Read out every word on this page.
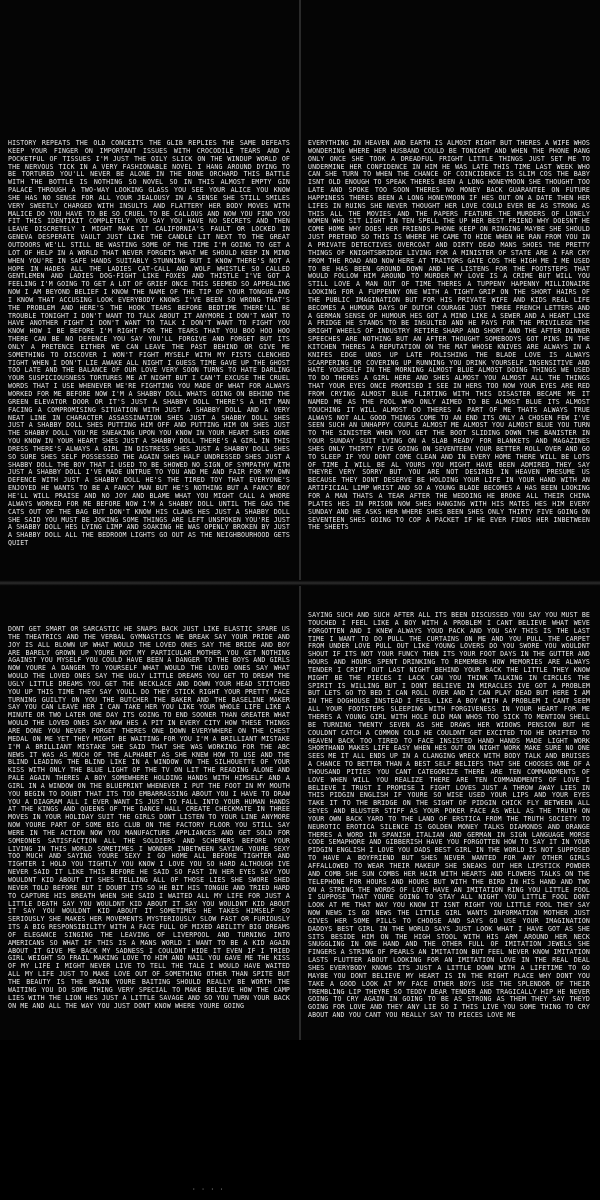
HISTORY REPEATS THE OLD CONCEITS THE GLIB REPLIES THE SAME DEFEATS KEEP YOUR FINGER ON IMPORTANT ISSUES WITH CROCODILE TEARS AND A POCKETFUL OF TISSUES I'M JUST THE OILY SLICK ON THE WINDUP WORLD OF THE NERVOUS TICK IN A VERY FASHIONABLE NOVEL I HANG AROUND DYING TO BE TORTURED YOU'LL NEVER BE ALONE IN THE BONE ORCHARD THIS BATTLE WITH THE BOTTLE IS NOTHING SO NOVEL SO IN THIS ALMOST EMPTY GIN PALACE THROUGH A TWO-WAY LOOKING GLASS YOU SEE YOUR ALICE YOU KNOW SHE HAS NO SENSE FOR ALL YOUR JEALOUSY IN A SENSE SHE STILL SMILES VERY SWEETLY CHARGED WITH INSULTS AND FLATTERY HER BODY MOVES WITH MALICE DO YOU HAVE TO BE SO CRUEL TO BE CALLOUS AND NOW YOU FIND YOU FIT THIS IDENTIKIT COMPLETELY YOU SAY YOU HAVE NO SECRETS AND THEN LEAVE DISCRETELY I MIGHT MAKE IT CALIFORNIA'S FAULT OR LOCKED IN GENEVA DESPERATE VAULT JUST LIKE THE CANDLE LIT NEXT TO THE GREAT OUTDOORS WE'LL STILL BE WASTING SOME OF THE TIME I'M GOING TO GET A LOT OF HELP IN A WORLD THAT NEVER FORGETS WHAT WE SHOULD KEEP IN MIND WHEN YOU'RE IN SAFE HANDS SUITABLY STUNNING BUT I KNOW THERE'S NOT A HOPE IN HADES ALL THE LADIES CAT-CALL AND WOLF WHISTLE SO CALLED GENTLEMEN AND LADIES DOG-FIGHT LIKE FOXES AND THISTLE I'VE GOT A FEELING I'M GOING TO GET A LOT OF GRIEF ONCE THIS SEEMED SO APPEALING NOW I AM BEYOND BELIEF I KNOW THE NAME OF THE TIP OF YOUR TONGUE AND I KNOW THAT ACCUSING LOOK EVERYBODY KNOWS I'VE BEEN SO WRONG THAT'S THE PROBLEM AND HERE'S THE HOOK TEARS BEFORE BEDTIME THERE'LL BE TROUBLE TONIGHT I DON'T WANT TO TALK ABOUT IT ANYMORE I DON'T WANT TO HAVE ANOTHER FIGHT I DON'T WANT TO TALK I DON'T WANT TO FIGHT YOU KNOW HOW I BE BEFORE I'M RIGHT FOR THE TEARS THAT YOU BOO HOO HOO THERE CAN BE NO DEFENCE YOU SAY YOU'LL FORGIVE AND FORGET BUT ITS ONLY A PRETENCE EITHER WE CAN LEAVE THE PAST BEHIND OR GIVE ME SOMETHING TO DISCOVER I WON'T FIGHT MYSELF WITH MY FISTS CLENCHED TIGHT WHEN I DON'T LIE AWAKE ALL NIGHT I GUESS TIME GAVE UP THE GHOST TOO LATE AND THE BALANCE OF OUR LOVE VERY SOON TURNS TO HATE DARLING YOUR SUSPICIOUSNESS TORTURES ME AT NIGHT BUT I CAN'T EXCUSE THE CRUEL WORDS THAT I USE WHENEVER WE'RE FIGHTING YOU MADE OF WHAT FOR ALWAYS WORKED FOR ME BEFORE NOW I'M A SHABBY DOLL WHATS GOING ON BEHIND THE GREEN ELEVATOR DOOR OR IT'S JUST A SHABBY DOLL THERE'S A HIT MAN FACING A COMPROMISING SITUATION WITH JUST A SHABBY DOLL AND A VERY NEAT LINE IN CHARACTER ASSASSINATION SHES JUST A SHABBY DOLL SHES JUST A SHABBY DOLL SHES PUTTING HIM OFF AND PUTTING HIM ON SHES JUST THE SHABBY DOLL YOU'RE SNEAKING UPON YOU KNOW IN YOUR HEART SHES GONE YOU KNOW IN YOUR HEART SHES JUST A SHABBY DOLL THERE'S A GIRL IN THIS DRESS THERE'S ALWAYS A GIRL IN DISTRESS SHES JUST A SHABBY DOLL SHES SO SURE SHES SELF POSSESSED THE AGAIN SHES HALF UNDRESSED SHES JUST A SHABBY DOLL THE BOY THAT I USED TO BE SHOWED NO SIGN OF SYMPATHY WITH JUST A SHABBY DOLL I'VE MADE UNTRUE TO YOU AND ME AND FAIR FOR MY OWN DEFENCE WITH JUST A SHABBY DOLL HE'S THE TIRED TOY THAT EVERYONE'S ENJOYED HE WANTS TO BE A FANCY MAN BUT HE'S NOTHING BUT A FANCY BOY HE'LL WILL PRAISE AND NO JOY AND BLAME WHAT YOU MIGHT CALL A WHORE ALWAYS WORKED FOR ME BEFORE NOW I'M A SHABBY DOLL UNTIL THE GAG THE CATS OUT OF THE BAG BUT DON'T KNOW HIS CLAWS HES JUST A SHABBY DOLL SHE SAID YOU MUST BE JOKING SOME THINGS ARE LEFT UNSPOKEN YOU'RE JUST A SHABBY DOLL HES LYING LIMP AND SOAKING HE WAS OPENLY BROKEN BY JUST A SHABBY DOLL ALL THE BEDROOM LIGHTS GO OUT AS THE NEIGHBOURHOOD GETS QUIET
EVERYTHING IN HEAVEN AND EARTH IS ALMOST RIGHT BUT THERES A WIFE WHOS WONDERING WHERE HER HUSBAND COULD BE TONIGHT AND WHEN THE PHONE RANG ONLY ONCE SHE TOOK A DREADFUL FRIGHT LITTLE THINGS JUST SET ME TO UNDERMINE HER CONFIDENCE IN HIM HE WAS LATE THIS TIME LAST WEEK WHO CAN SHE TURN TO WHEN THE CHANCE OF COINCIDENCE IS SLIM COS THE BABY ISNT OLD ENOUGH TO SPEAK THERES BEEN A LONG HONEYMOON SHE THOUGHT TOO LATE AND SPOKE TOO SOON THERES NO MONEY BACK GUARANTEE ON FUTURE HAPPINESS THERES BEEN A LONG HONEYMOON IF HES OUT ON A DATE THEN HER LIFES IN RUINS SHE NEVER THOUGHT HER LOVE COULD EVER BE AS STRONG AS THIS ALL THE MOVIES AND THE PAPERS FEATURE THE MURDERS OF LONELY WOMEN WHO SIT LIGHT IN TEN SPELL THE UP HER BEST FRIEND WHY DOESNT HE COME HOME WHY DOES HER FRIENDS PHONE KEEP ON RINGING MAYBE SHE SHOULD JUST PRETEND SO THIS IS WHERE HE CAME TO HIDE WHEN HE RAN FROM YOU IN A PRIVATE DETECTIVES OVERCOAT AND DIRTY DEAD MANS SHOES THE PRETTY THINGS OF KNIGHTSBRIDGE LIVING FOR A MINISTER OF STATE ARE A FAR CRY FROM THE ROAD AND NOW HERE AT TRAITORS GATE COS THE HIGH ME I ME USED TO BE HAS BEEN GROUND DOWN AND HE LISTENS FOR THE FOOTSTEPS THAT WOULD FOLLOW HIM AROUND TO MURDER MY LOVE IS A CRIME BUT WILL YOU STILL LOVE A MAN OUT OF TIME THERES A TUPPENY HAPENNY MILLIONAIRE LOOKING FOR A FUPPENNY ONE WITH A TIGHT GRIP ON THE SHORT HAIRS OF THE PUBLIC IMAGINATION BUT FOR HIS PRIVATE WIFE AND KIDS REAL LIFE BECOMES A HUMOUR DAYS OF DUTCH COURAGE JUST THREE FRENCH LETTERS AND A GERMAN SENSE OF HUMOUR HES GOT A MIND LIKE A SEWER AND A HEART LIKE A FRIDGE HE STANDS TO BE INSULTED AND HE PAYS FOR THE PRIVILEGE THE BRIGHT WHEELS OF INDUSTRY RETIRE SHARP AND SHORT AND THE AFTER DINNER SPEECHES ARE NOTHING BUT AN AFTER THOUGHT SOMEBODYS GOT PINS IN THE KITCHEN THERES A REPUTATION ON THE MAT WHOSE KNIVES ARE ALWAYS IN A KNIFES EDGE UNDS UP LATE POLISHING THE BLADE LOVE IS ALWAYS SCARPERING OR COVERING UP RUNNING YOU DRINK YOURSELF INSENSITIVE AND HATE YOURSELF IN THE MORNING ALMOST BLUE ALMOST DOING THINGS WE USED TO DO THERES A GIRL HERE AND SHES ALMOST YOU ALMOST ALL THE THINGS THAT YOUR EYES ONCE PROMISED I SEE IN HERS TOO NOW YOUR EYES ARE RED FROM CRYING ALMOST BLUE FLIRTING WITH THIS DISASTER BECAME ME IT NAMED ME AS THE FOOL WHO ONLY AIMED TO BE ALMOST BLUE ITS ALMOST TOUCHING IT WILL ALMOST DO THERES A PART OF ME THATS ALWAYS TRUE ALWAYS NOT ALL GOOD THINGS COME TO AN END ITS ONLY A CHOSEN FEW I'VE SEEN SUCH AN UNHAPPY COUPLE ALMOST ME ALMOST YOU ALMOST BLUE YOU TURN TO THE SINISTER WHEN YOU GET THE BOOT SLIDING DOWN THE BANISTER IN YOUR SUNDAY SUIT LYING ON A SLAB READY FOR BLANKETS AND MAGAZINES SHES ONLY THIRTY FIVE GOING ON SEVENTEEN YOUR BETTER ROLL OVER AND GO TO SLEEP IF YOU DONT COME CLEAN AND IN EVERY HOME THERE WILL BE LOTS OF TIME I WILL BE AL YOURS YOU MIGHT HAVE BEEN ADMIRED THEY SAY THEYRE VERY SORRY BUT YOU ARE NOT DESIRED IN HEAVEN PRESUME US BECAUSE THEY DONT DESERVE BE HOLDING YOUR LIFE IN YOUR HAND WITH AN ARTIFICIAL LIMP WRIST AND SO A YOUNG BLADE BECOMES A HAS BEEN LOOKING FOR A MAN THATS A TEAR AFTER THE WEDDING HE BROKE ALL THEIR CHINA PLATES HES IN PRISON NOW SHES HANGING WITH HIS MATES HES HIM EVERY SUNDAY AND HE ASKS HER WHERE SHES BEEN SHES ONLY THIRTY FIVE GOING ON SEVENTEEN SHES GOING TO COP A PACKET IF HE EVER FINDS HER INBETWEEN THE SHEETS
DONT GET SMART OR SARCASTIC HE SNAPS BACK JUST LIKE ELASTIC SPARE US THE THEATRICS AND THE VERBAL GYMNASTICS WE BREAK SAY YOUR PRIDE AND JOY IS ALL BLOWN UP WHAT WOULD THE LOVED ONES SAY THE BRIDE AND BOY ARE BARELY GROWN UP YOURE NOT MY PARTICULAR MOTHER YOU GET NOTHING AGAINST YOU MYSELF YOU COULD HAVE BEEN A DANGER TO THE BOYS AND GIRLS NOW YOURE A DANGER TO YOURSELF WHAT WOULD THE LOVED ONES SAY WHAT WOULD THE LOVED ONES SAY THE UGLY LITTLE DREAMS YOU GET TO DREAM THE UGLY LITTLE DREAMS YOU GET THE NECKLACE AND DOWN YOUR HEAD STITCHED YOU UP THIS TIME THEY SAY YOULL DO THEY STICK RIGHT YOUR PRETTY FACE TURNING GUILTY ON YOU THE BUTCHER THE BAKER AND THE BASELINE MAKER SAY YOU CAN LEAVE HER I CAN TAKE HER YOU LIKE YOUR WHOLE LIFE LIKE A MINUTE OR TWO LATER ONE DAY ITS GOING TO END SOONER THAN GREATER WHAT WOULD THE LOVED ONES SAY NOW HES A PIT IN EVERY CITY HOW THESE THINGS ARE DONE YOU NEVER FORGET THERES ONE DOWN EVERYWHERE ON THE CHEST MEDAL ON ME YET THEY MIGHT BE WAITING FOR YOU I'M A BRILLIANT MISTAKE I'M A BRILLIANT MISTAKE SHE SAID THAT SHE WAS WORKING FOR THE ABC NEWS IT WAS AS MUCH OF THE ALPHABET AS SHE KNEW HOW TO USE AND THE BLIND LEADING THE BLIND LIKE IN A WINDOW ON THE SILHOUETTE OF YOUR KISS WITH ONLY THE BLUE LIGHT OF THE TV ON LIT THE READING ALONE AND PALE AGAIN THERES A BOY SOMEWHERE HOLDING HANDS WITH HIMSELF AND A GIRL IN A WINDOW ON THE BLUEPRINT WHENEVER I PUT THE FOOT IN MY MOUTH YOU BEGIN TO DOUBT THAT ITS TOO EMBARRASSING ABOUT YOU I HAVE TO DRAW YOU A DIAGRAM ALL I EVER WANT IS JUST TO FALL INTO YOUR HUMAN HANDS AT THE KINGS AND QUEENS OF THE DANCE HALL CREATE CHECKMATE IN THREE MOVES IN YOUR HOLIDAY SUIT THE GIRLS DONT LISTEN TO YOUR LINE ANYMORE NOW YOURE PART OF SOME BIG CLUB ON THE FACTORY FLOOR YOU STILL SAY WERE IN THE ACTION NOW YOU MANUFACTURE APPLIANCES AND GET SOLD FOR SOMEONES SATISFACTION ALL THE SOLDIERS AND SCHEMERS BEFORE YOUR LIVING IN THIS WORLD SOMETIMES I WONDER INBETWEEN SAYING YOURE SEXY TOO MUCH AND SAYING YOURE SEXY I GO HOME ALL BEFORE TIGHTER AND TIGHTER I HOLD YOU TIGHTLY YOU KNOW I LOVE YOU SO HARD ALTHOUGH IVE NEVER SAID IT LIKE THIS BEFORE HE SAID SO FAST IN HER EYES SAY YOU WOULDNT KID ABOUT IT SHES TELLING ALL OF THOSE LIES SHE SWORE SHED NEVER TOLD BEFORE BUT I DOUBT ITS SO HE BIT HIS TONGUE AND TRIED HARD TO CAPTURE HIS BREATH WHEN SHE SAID I WAITED ALL MY LIFE FOR JUST A LITTLE DEATH SAY YOU WOULDNT KID ABOUT IT SAY YOU WOULDNT KID ABOUT IT SAY YOU WOULDNT KID ABOUT IT SOMETIMES HE TAKES HIMSELF SO SERIOUSLY SHE MAKES HER MOVEMENTS MYSTERIOUSLY SLOW FAST OR FURIOUSLY ITS A BIG RESPONSIBILITY WITH A FACE FULL OF MIXED ABILITY BIG DREAMS OF ELEGANCE SINGING THE LEAVING OF LIVERPOOL AND TURNING INTO AMERICANS SO WHAT IF THIS IS A MANS WORLD I WANT TO BE A KID AGAIN ABOUT IT GIVE ME BACK MY SADNESS I COULDNT HIDE IT EVEN IF I TRIED GIRL WEIGHT SO FRAIL MAKING LOVE TO HIM AND NAIL YOU GAVE ME THE KISS OF MY LIFE I MIGHT NEVER LIVE TO TELL THE TALE I WOULD HAVE WAITED ALL MY LIFE JUST TO MAKE LOVE OUT OF SOMETHING OTHER THAN SPITE BUT THE BEAUTY IS THE BRAIN YOURE BAITING SHOULD REALLY BE WORTH THE WAITING YOU DO SOME THING VERY SPECIAL TO MAKE BELIEVE HOW THE CAMP LIES WITH THE LION HES JUST A LITTLE SAVAGE AND SO YOU TURN YOUR BACK ON ME AND ALL THE WAY YOU JUST DONT KNOW WHERE YOURE GOING
SAYING SUCH AND SUCH AFTER ALL ITS BEEN DISCUSSED YOU SAY YOU MUST BE TOUCHED I FEEL LIKE A BOY WITH A PROBLEM I CANT BELIEVE WHAT WEVE FORGOTTEN AND I KNEW ALWAYS YOUD PACK AND YOU SAY THIS IS THE LAST TIME I WANT TO DO PULL THE CURTAINS ON ME AND YOU PULL THE CARPET FROM UNDER LOVE PULL OUT LIKE YOUNG LOVERS DO YOU SWORE YOU WOULDNT SHOUT IF ITS NOT YOUR FUNCY THEN ITS YOUR FOOT DAYS IN THE GUTTER AND HOURS AND HOURS SPENT DRINKING TO REMEMBER HOW MEMORIES ARE ALWAYS TENDER I CRIPT OUT LAST NIGHT BEHIND YOUR BACK THE LITTLE THEY KNOW MIGHT BE THE PIECES I LACK CAN YOU THINK TALKING IN CIRCLES THE SPIRIT IS WILLING BUT I DONT BELIEVE IN MIRACLES IVE GOT A PROBLEM BUT LETS GO TO BED I CAN ROLL OVER AND I CAN PLAY DEAD BUT HERE I AM IN THE DOGHOUSE INSTEAD I FEEL LIKE A BOY WITH A PROBLEM I CANT SEEM ALL YOUR FOOTSTEPS SLEEPING WITH FORGIVENESS IN YOUR HEART FOR ME THERES A YOUNG GIRL WITH HOLE OLD MAN WHOS TOO SICK TO MENTION SHELL BE TURNING TWENTY SEVEN AS SHE DRAWS HER WIDOWS PENSION BUT HE COULDNT CATCH A COMMON COLD HE COULDNT GET EXCITED TOO HE DRIFTED TO HEAVEN BACK TOO TIRED TO FACE INSISTED HAND HANDS MADE LIGHT WORK SHORTHAND MAKES LIFE EASY WHEN HES OUT ON NIGHT WORK MAKE SURE NO ONE SEES ME IT ALL ENDS UP IN A CLANGING WRECK WITH BODY TALK AND BRUISES A CHANCE TO BETTER THAN A BEST SELF BELIEFS THAT SHE CHOOSES ONE OF A THOUSAND PITIES YOU CANT CATEGORIZE THERE ARE TEN COMMANDMENTS OF LOVE WHEN WILL YOU REALIZE THERE ARE TEN COMMANDMENTS OF LOVE I BELIEVE I TRUST I PROMISE I FIGHT LOVES JUST A THROW AWAY LIES IN THIS PIDGIN ENGLISH IF YOURE SO WISE USED YOUR LIPS AND YOUR EYES TAKE IT TO THE BRIDGE ON THE SIGHT OF PIDGIN CHICK FLY BETWEEN ALL SEYES AND BLUSTER STIFF AS YOUR POKER FACE AS WELL AS THE TRUTH ON YOUR OWN BACK YARD TO THE LAND OF ERSTICA FROM THE TRUTH SOCIETY TO NEUROTIC EROTICA SILENCE IS GOLDEN MONEY TALKS DIAMONDS AND ORANGE THERES A WORD IN SPANISH ITALIAN AND GERMAN IN SIGN LANGUAGE MORSE CODE SEMAPHORE AND GIBBERISH HAVE YOU FORGOTTEN HOW TO SAY IT IN YOUR PIDGIN ENGLISH I LOVE YOU DADS BEST GIRL IN THE WORLD IS NOT SUPPOSED TO HAVE A BOYFRIEND BUT SHES NEVER WANTED FOR ANY OTHER GIRLS AFFALLOWED TO WEAR THEIR MAKEUP SHE SNEAKS OUT HER LIPSTICK POWDER AND COMB SHE SUN COMBS HER HAIR WITH HEARTS AND FLOWERS TALKS ON THE TELEPHONE FOR HOURS AND HOURS BUT WITH THE BIRD IN HIS HAND AND TWO ON A STRING THE WORDS OF LOVE HAVE AN IMITATION RING YOU LITTLE FOOL I SUPPOSE THAT YOURE GOING TO STAY ALL NIGHT YOU LITTLE FOOL DONT LOOK AT ME THAT WAY YOU KNOW IT ISNT RIGHT YOU LITTLE FOOL THEY SAY NOW NEWS IS GO NEWS THE LITTLE GIRL WANTS INFORMATION MOTHER JUST GIVES HER SOME PILLS TO CHOOSE AND SAYS GO USE YOUR IMAGINATION DADDYS BEST GIRL IN THE WORLD SAYS JUST LOOK WHAT I HAVE GOT AS SHE SITS BESIDE HIM ON THE HIGH STOOL WITH HIS ARM AROUND HER NECK SNUGGLING IN ONE HAND AND THE OTHER FULL OF IMITATION JEWELS SHE FINGERS A STRING OF PEARLS AN IMITATION BUT FEEL NEVER KNOW IMITATION LASTS FLUTTER ABOUT LOOKING FOR AN IMITATION LOVE IN THE REAL DEAL SHES EVERYBODY KNOWS ITS JUST A LITTLE DOWN WITH A LIFETIME TO GO MAYBE YOU DONT BELIEVE MY HEART IS IN THE RIGHT PLACE WHY DONT YOU TAKE A GOOD LOOK AT MY FACE OTHER BOYS USE THE SPLENDOR OF THEIR TREMBLING LIP THEYRE SO TEDDY DEAR TENDER AND TRAGICALLY HIP HE NEVER GOING TO CRY AGAIN IN GOING TO BE AS STRONG AS THEM THEY SAY THEYD GOING FOR LOVE AND THEY ANY LIE SO I THIS LIVE YOU SOME THING TO CRY ABOUT AND YOU CANT YOU REALLY SAY TO PIECES LOVE ME
· · · ·
